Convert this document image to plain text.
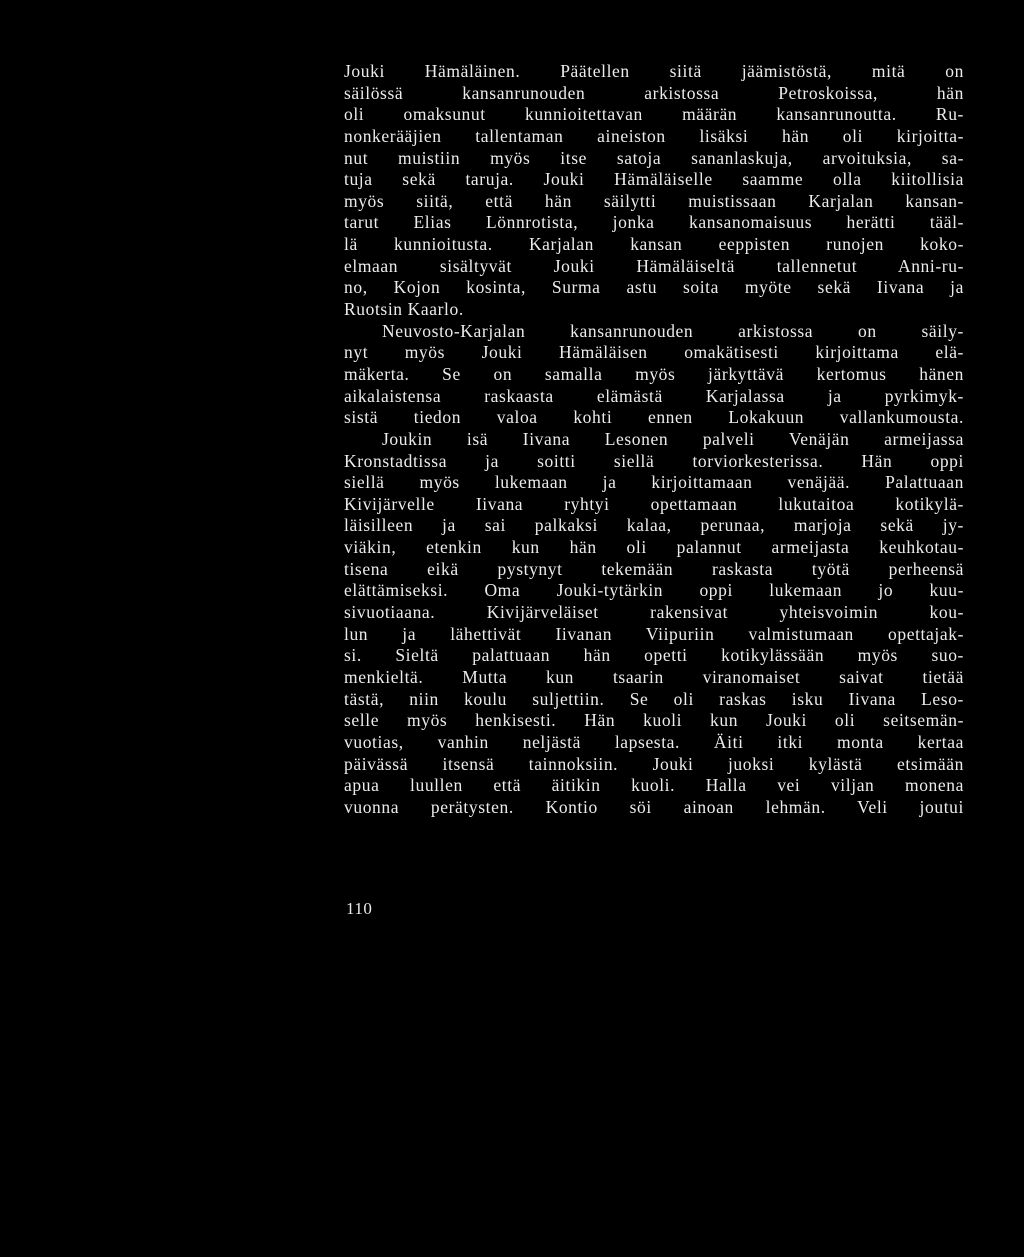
Jouki Hämäläinen. Päätellen siitä jäämistöstä, mitä on
säilössä kansanrunouden arkistossa Petroskoissa, hän
oli omaksunut kunnioitettavan määrän kansanrunoutta. Ru-
nonkerääjien tallentaman aineiston lisäksi hän oli kirjoitta-
nut muistiin myös itse satoja sananlaskuja, arvoituksia, sa-
tuja sekä taruja. Jouki Hämäläiselle saamme olla kiitollisia
myös siitä, että hän säilytti muistissaan Karjalan kansan-
tarut Elias Lönnrotista, jonka kansanomaisuus herätti tääl-
lä kunnioitusta. Karjalan kansan eeppisten runojen koko-
elmaan sisältyvät Jouki Hämäläiseltä tallennetut Anni-ru-
no, Kojon kosinta, Surma astu soita myöte sekä Iivana ja
Ruotsin Kaarlo.
Neuvosto-Karjalan kansanrunouden arkistossa on säily-
nyt myös Jouki Hämäläisen omakätisesti kirjoittama elä-
mäkerta. Se on samalla myös järkyttävä kertomus hänen
aikalaistensa raskaasta elämästä Karjalassa ja pyrkimyk-
sistä tiedon valoa kohti ennen Lokakuun vallankumousta.
Joukin isä Iivana Lesonen palveli Venäjän armeijassa
Kronstadtissa ja soitti siellä torviorkesterissa. Hän oppi
siellä myös lukemaan ja kirjoittamaan venäjää. Palattuaan
Kivijärvelle Iivana ryhtyi opettamaan lukutaitoa kotikylä-
läisilleen ja sai palkaksi kalaa, perunaa, marjoja sekä jy-
viäkin, etenkin kun hän oli palannut armeijasta keuhkotau-
tisena eikä pystynyt tekemään raskasta työtä perheensä
elättämiseksi. Oma Jouki-tytärkin oppi lukemaan jo kuu-
sivuotiaana. Kivijärveläiset rakensivat yhteisvoimin kou-
lun ja lähettivät Iivanan Viipuriin valmistumaan opettajak-
si. Sieltä palattuaan hän opetti kotikylässään myös suo-
menkieltä. Mutta kun tsaarin viranomaiset saivat tietää
tästä, niin koulu suljettiin. Se oli raskas isku Iivana Leso-
selle myös henkisesti. Hän kuoli kun Jouki oli seitsemän-
vuotias, vanhin neljästä lapsesta. Äiti itki monta kertaa
päivässä itsensä tainnoksiin. Jouki juoksi kylästä etsimään
apua luullen että äitikin kuoli. Halla vei viljan monena
vuonna perätysten. Kontio söi ainoan lehmän. Veli joutui
110
